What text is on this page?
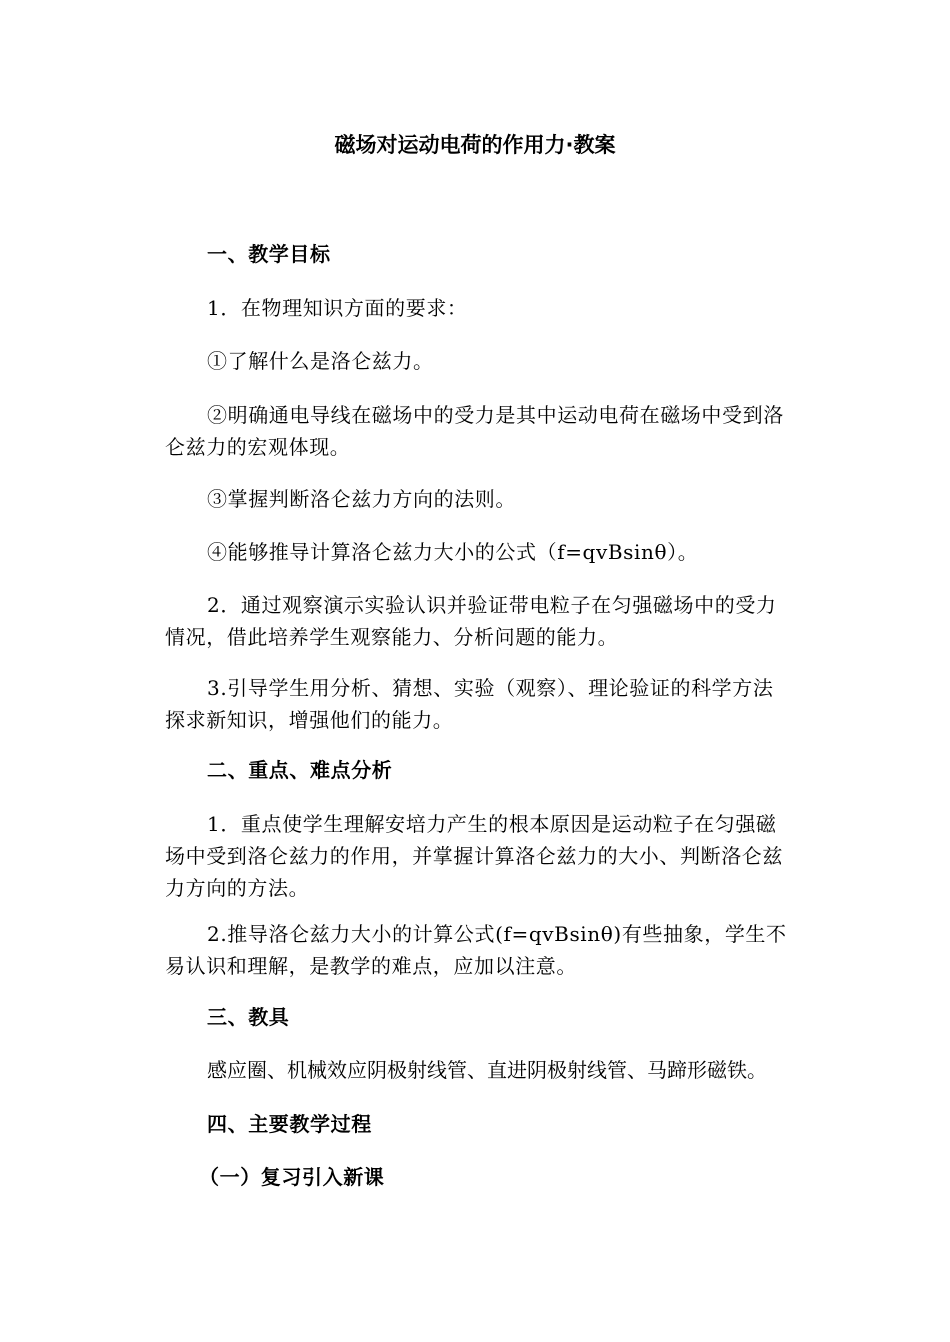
磁场对运动电荷的作用力·教案
一、教学目标
1．在物理知识方面的要求：
①了解什么是洛仑兹力。
②明确通电导线在磁场中的受力是其中运动电荷在磁场中受到洛仑兹力的宏观体现。
③掌握判断洛仑兹力方向的法则。
④能够推导计算洛仑兹力大小的公式（f=qvBsinθ）。
2．通过观察演示实验认识并验证带电粒子在匀强磁场中的受力情况，借此培养学生观察能力、分析问题的能力。
3.引导学生用分析、猜想、实验（观察）、理论验证的科学方法探求新知识，增强他们的能力。
二、重点、难点分析
1．重点使学生理解安培力产生的根本原因是运动粒子在匀强磁场中受到洛仑兹力的作用，并掌握计算洛仑兹力的大小、判断洛仑兹力方向的方法。
2.推导洛仑兹力大小的计算公式(f=qvBsinθ)有些抽象，学生不易认识和理解，是教学的难点，应加以注意。
三、教具
感应圈、机械效应阴极射线管、直进阴极射线管、马蹄形磁铁。
四、主要教学过程
（一）复习引入新课
